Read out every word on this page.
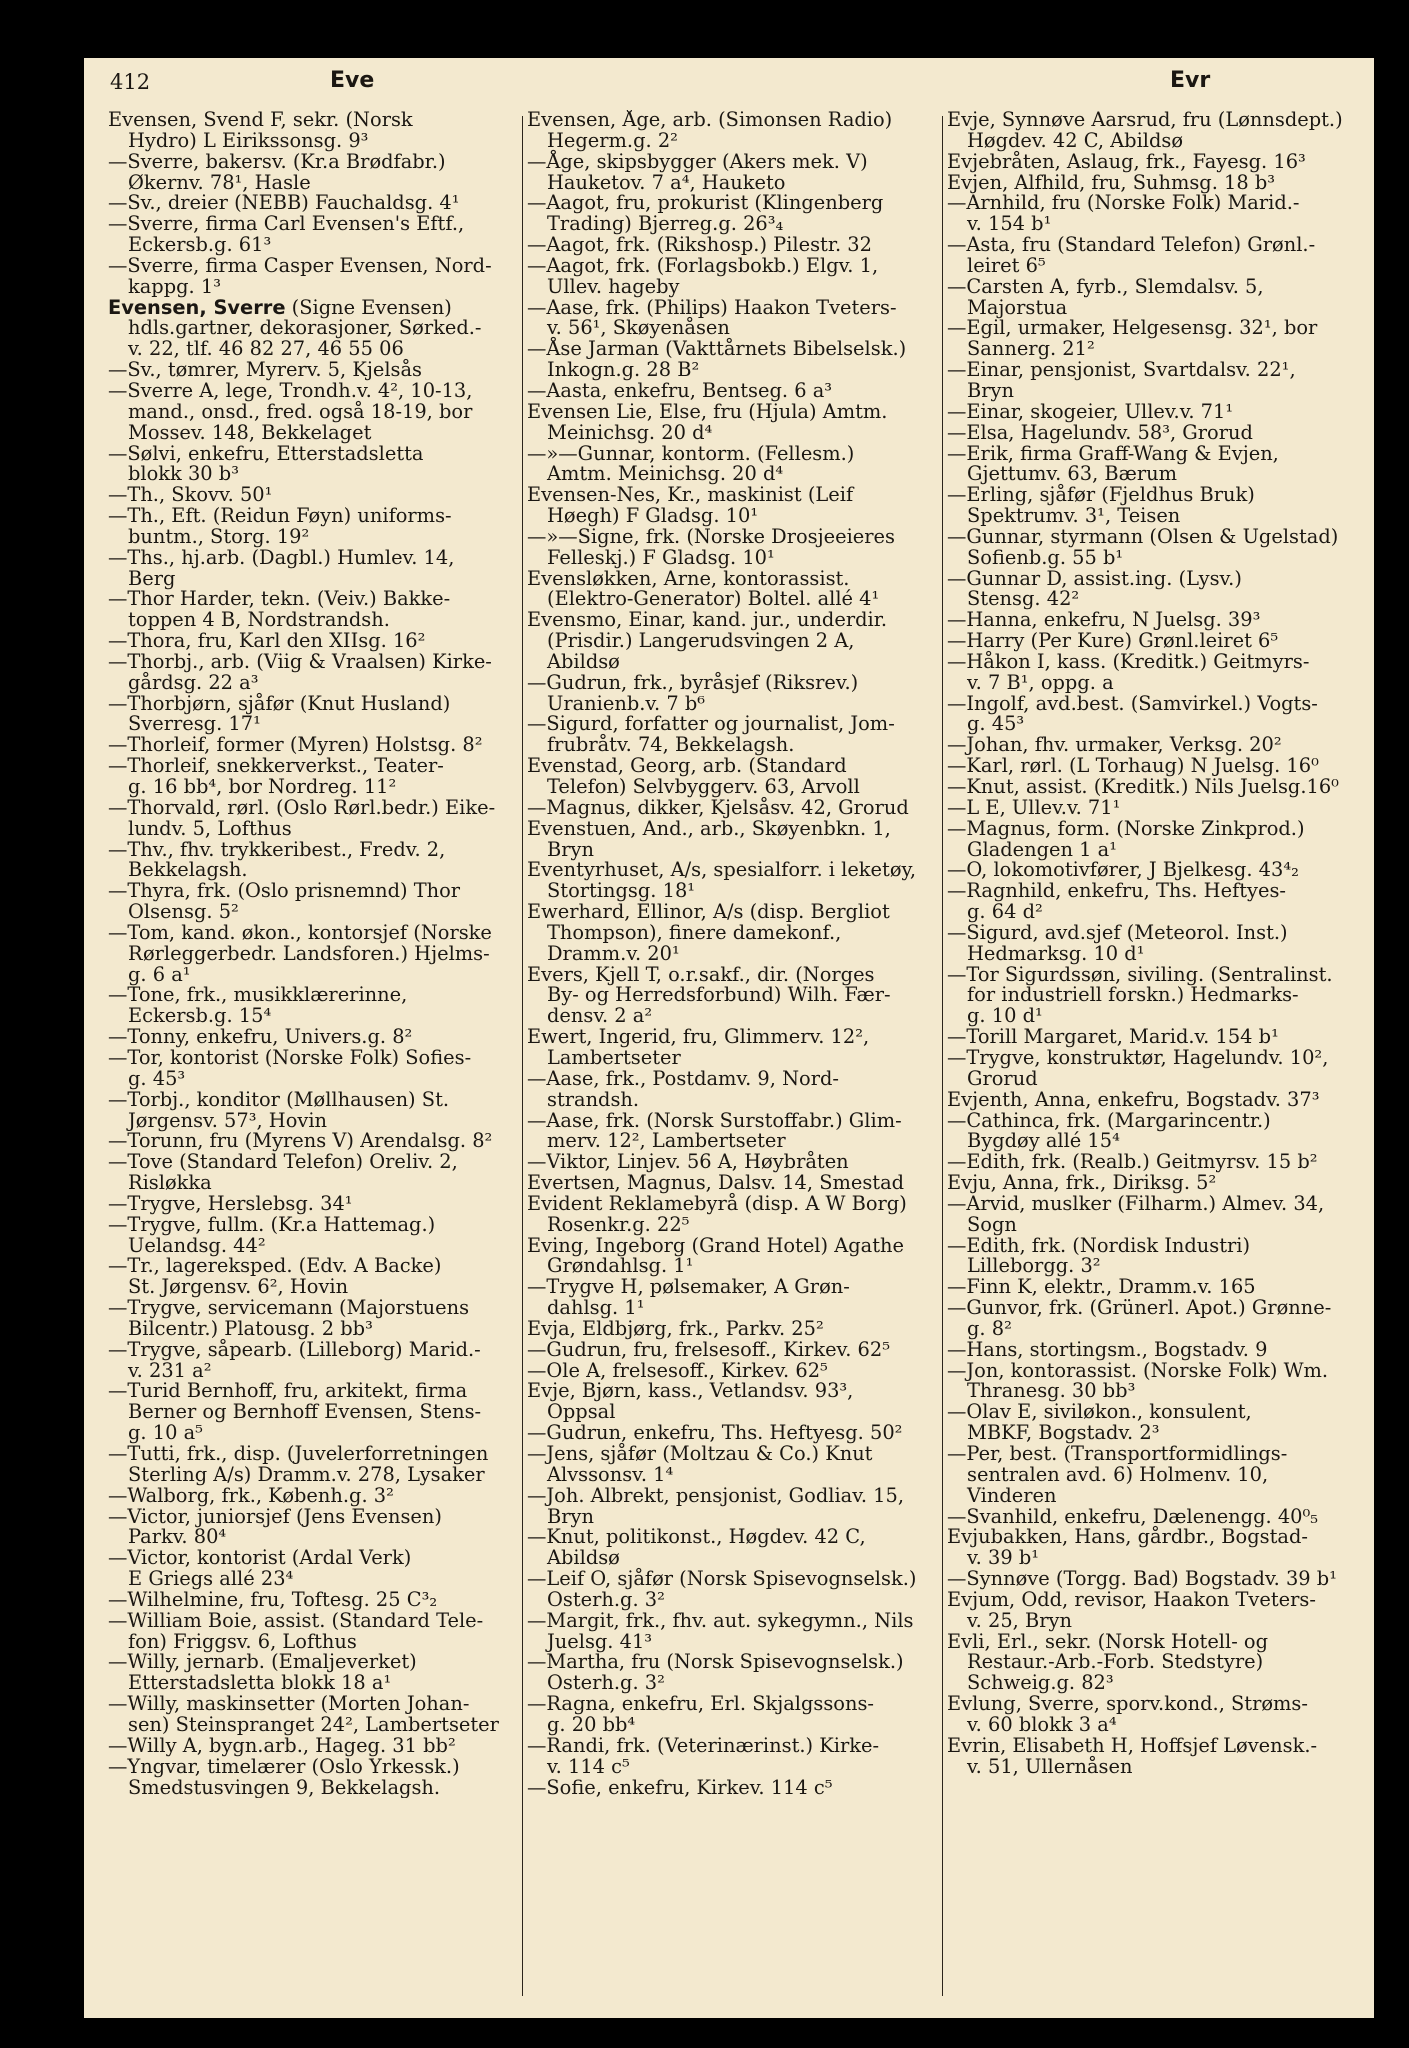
412	Eve	Evr
Evensen, Svend F, sekr. (Norsk
Hydro) L Eirikssonsg. 9³
—Sverre, bakersv. (Kr.a Brødfabr.)
Økernv. 78¹, Hasle
—Sv., dreier (NEBB) Fauchaldsg. 4¹
—Sverre, firma Carl Evensen's Eftf.,
Eckersb.g. 61³
—Sverre, firma Casper Evensen, Nord-
kappg. 1³
Evensen, Sverre (Signe Evensen)
hdls.gartner, dekorasjoner, Sørked.-
v. 22, tlf. 46 82 27, 46 55 06
—Sv., tømrer, Myrerv. 5, Kjelsås
—Sverre A, lege, Trondh.v. 4², 10-13,
mand., onsd., fred. også 18-19, bor
Mossev. 148, Bekkelaget
—Sølvi, enkefru, Etterstadsletta
blokk 30 b³
—Th., Skovv. 50¹
—Th., Eft. (Reidun Føyn) uniforms-
buntm., Storg. 19²
—Ths., hj.arb. (Dagbl.) Humlev. 14,
Berg
—Thor Harder, tekn. (Veiv.) Bakke-
toppen 4 B, Nordstrandsh.
—Thora, fru, Karl den XIIsg. 16²
—Thorbj., arb. (Viig & Vraalsen) Kirke-
gårdsg. 22 a³
—Thorbjørn, sjåfør (Knut Husland)
Sverresg. 17¹
—Thorleif, former (Myren) Holstsg. 8²
—Thorleif, snekkerverkst., Teater-
g. 16 bb⁴, bor Nordreg. 11²
—Thorvald, rørl. (Oslo Rørl.bedr.) Eike-
lundv. 5, Lofthus
—Thv., fhv. trykkeribest., Fredv. 2,
Bekkelagsh.
—Thyra, frk. (Oslo prisnemnd) Thor
Olsensg. 5²
—Tom, kand. økon., kontorsjef (Norske
Rørleggerbedr. Landsforen.) Hjelms-
g. 6 a¹
—Tone, frk., musikklærerinne,
Eckersb.g. 15⁴
—Tonny, enkefru, Univers.g. 8²
—Tor, kontorist (Norske Folk) Sofies-
g. 45³
—Torbj., konditor (Møllhausen) St.
Jørgensv. 57³, Hovin
—Torunn, fru (Myrens V) Arendalsg. 8²
—Tove (Standard Telefon) Oreliv. 2,
Risløkka
—Trygve, Herslebsg. 34¹
—Trygve, fullm. (Kr.a Hattemag.)
Uelandsg. 44²
—Tr., lagereksped. (Edv. A Backe)
St. Jørgensv. 6², Hovin
—Trygve, servicemann (Majorstuens
Bilcentr.) Platousg. 2 bb³
—Trygve, såpearb. (Lilleborg) Marid.-
v. 231 a²
—Turid Bernhoff, fru, arkitekt, firma
Berner og Bernhoff Evensen, Stens-
g. 10 a⁵
—Tutti, frk., disp. (Juvelerforretningen
Sterling A/s) Dramm.v. 278, Lysaker
—Walborg, frk., Københ.g. 3²
—Victor, juniorsjef (Jens Evensen)
Parkv. 80⁴
—Victor, kontorist (Ardal Verk)
E Griegs allé 23⁴
—Wilhelmine, fru, Toftesg. 25 C³₂
—William Boie, assist. (Standard Tele-
fon) Friggsv. 6, Lofthus
—Willy, jernarb. (Emaljeverket)
Etterstadsletta blokk 18 a¹
—Willy, maskinsetter (Morten Johan-
sen) Steinspranget 24², Lambertseter
—Willy A, bygn.arb., Hageg. 31 bb²
—Yngvar, timelærer (Oslo Yrkessk.)
Smedstusvingen 9, Bekkelagsh.
Evensen, Åge, arb. (Simonsen Radio)
Hegerm.g. 2²
—Åge, skipsbygger (Akers mek. V)
Hauketov. 7 a⁴, Hauketo
—Aagot, fru, prokurist (Klingenberg
Trading) Bjerreg.g. 26³₄
—Aagot, frk. (Rikshosp.) Pilestr. 32
—Aagot, frk. (Forlagsbokb.) Elgv. 1,
Ullev. hageby
—Aase, frk. (Philips) Haakon Tveters-
v. 56¹, Skøyenåsen
—Åse Jarman (Vakttårnets Bibelselsk.)
Inkogn.g. 28 B²
—Aasta, enkefru, Bentseg. 6 a³
Evensen Lie, Else, fru (Hjula) Amtm.
Meinichsg. 20 d⁴
—»—Gunnar, kontorm. (Fellesm.)
Amtm. Meinichsg. 20 d⁴
Evensen-Nes, Kr., maskinist (Leif
Høegh) F Gladsg. 10¹
—»—Signe, frk. (Norske Drosjeeieres
Felleskj.) F Gladsg. 10¹
Evensløkken, Arne, kontorassist.
(Elektro-Generator) Boltel. allé 4¹
Evensmo, Einar, kand. jur., underdir.
(Prisdir.) Langerudsvingen 2 A,
Abildsø
—Gudrun, frk., byråsjef (Riksrev.)
Uranienb.v. 7 b⁶
—Sigurd, forfatter og journalist, Jom-
frubråtv. 74, Bekkelagsh.
Evenstad, Georg, arb. (Standard
Telefon) Selvbyggerv. 63, Arvoll
—Magnus, dikker, Kjelsåsv. 42, Grorud
Evenstuen, And., arb., Skøyenbkn. 1,
Bryn
Eventyrhuset, A/s, spesialforr. i leketøy,
Stortingsg. 18¹
Ewerhard, Ellinor, A/s (disp. Bergliot
Thompson), finere damekonf.,
Dramm.v. 20¹
Evers, Kjell T, o.r.sakf., dir. (Norges
By- og Herredsforbund) Wilh. Fær-
densv. 2 a²
Ewert, Ingerid, fru, Glimmerv. 12²,
Lambertseter
—Aase, frk., Postdamv. 9, Nord-
strandsh.
—Aase, frk. (Norsk Surstoffabr.) Glim-
merv. 12², Lambertseter
—Viktor, Linjev. 56 A, Høybråten
Evertsen, Magnus, Dalsv. 14, Smestad
Evident Reklamebyrå (disp. A W Borg)
Rosenkr.g. 22⁵
Eving, Ingeborg (Grand Hotel) Agathe
Grøndahlsg. 1¹
—Trygve H, pølsemaker, A Grøn-
dahlsg. 1¹
Evja, Eldbjørg, frk., Parkv. 25²
—Gudrun, fru, frelsesoff., Kirkev. 62⁵
—Ole A, frelsesoff., Kirkev. 62⁵
Evje, Bjørn, kass., Vetlandsv. 93³,
Oppsal
—Gudrun, enkefru, Ths. Heftyesg. 50²
—Jens, sjåfør (Moltzau & Co.) Knut
Alvssonsv. 1⁴
—Joh. Albrekt, pensjonist, Godliav. 15,
Bryn
—Knut, politikonst., Høgdev. 42 C,
Abildsø
—Leif O, sjåfør (Norsk Spisevognselsk.)
Osterh.g. 3²
—Margit, frk., fhv. aut. sykegymn., Nils
Juelsg. 41³
—Martha, fru (Norsk Spisevognselsk.)
Osterh.g. 3²
—Ragna, enkefru, Erl. Skjalgssons-
g. 20 bb⁴
—Randi, frk. (Veterinærinst.) Kirke-
v. 114 c⁵
—Sofie, enkefru, Kirkev. 114 c⁵
Evje, Synnøve Aarsrud, fru (Lønnsdept.)
Høgdev. 42 C, Abildsø
Evjebråten, Aslaug, frk., Fayesg. 16³
Evjen, Alfhild, fru, Suhmsg. 18 b³
—Arnhild, fru (Norske Folk) Marid.-
v. 154 b¹
—Asta, fru (Standard Telefon) Grønl.-
leiret 6⁵
—Carsten A, fyrb., Slemdalsv. 5,
Majorstua
—Egil, urmaker, Helgesensg. 32¹, bor
Sannerg. 21²
—Einar, pensjonist, Svartdalsv. 22¹,
Bryn
—Einar, skogeier, Ullev.v. 71¹
—Elsa, Hagelundv. 58³, Grorud
—Erik, firma Graff-Wang & Evjen,
Gjettumv. 63, Bærum
—Erling, sjåfør (Fjeldhus Bruk)
Spektrumv. 3¹, Teisen
—Gunnar, styrmann (Olsen & Ugelstad)
Sofienb.g. 55 b¹
—Gunnar D, assist.ing. (Lysv.)
Stensg. 42²
—Hanna, enkefru, N Juelsg. 39³
—Harry (Per Kure) Grønl.leiret 6⁵
—Håkon I, kass. (Kreditk.) Geitmyrs-
v. 7 B¹, oppg. a
—Ingolf, avd.best. (Samvirkel.) Vogts-
g. 45³
—Johan, fhv. urmaker, Verksg. 20²
—Karl, rørl. (L Torhaug) N Juelsg. 16⁰
—Knut, assist. (Kreditk.) Nils Juelsg.16⁰
—L E, Ullev.v. 71¹
—Magnus, form. (Norske Zinkprod.)
Gladengen 1 a¹
—O, lokomotivfører, J Bjelkesg. 43⁴₂
—Ragnhild, enkefru, Ths. Heftyes-
g. 64 d²
—Sigurd, avd.sjef (Meteorol. Inst.)
Hedmarksg. 10 d¹
—Tor Sigurdssøn, siviling. (Sentralinst.
for industriell forskn.) Hedmarks-
g. 10 d¹
—Torill Margaret, Marid.v. 154 b¹
—Trygve, konstruktør, Hagelundv. 10²,
Grorud
Evjenth, Anna, enkefru, Bogstadv. 37³
—Cathinca, frk. (Margarincentr.)
Bygdøy allé 15⁴
—Edith, frk. (Realb.) Geitmyrsv. 15 b²
Evju, Anna, frk., Diriksg. 5²
—Arvid, muslker (Filharm.) Almev. 34,
Sogn
—Edith, frk. (Nordisk Industri)
Lilleborgg. 3²
—Finn K, elektr., Dramm.v. 165
—Gunvor, frk. (Grünerl. Apot.) Grønne-
g. 8²
—Hans, stortingsm., Bogstadv. 9
—Jon, kontorassist. (Norske Folk) Wm.
Thranesg. 30 bb³
—Olav E, siviløkon., konsulent,
MBKF, Bogstadv. 2³
—Per, best. (Transportformidlings-
sentralen avd. 6) Holmenv. 10,
Vinderen
—Svanhild, enkefru, Dælenengg. 40⁰₅
Evjubakken, Hans, gårdbr., Bogstad-
v. 39 b¹
—Synnøve (Torgg. Bad) Bogstadv. 39 b¹
Evjum, Odd, revisor, Haakon Tveters-
v. 25, Bryn
Evli, Erl., sekr. (Norsk Hotell- og
Restaur.-Arb.-Forb. Stedstyre)
Schweig.g. 82³
Evlung, Sverre, sporv.kond., Strøms-
v. 60 blokk 3 a⁴
Evrin, Elisabeth H, Hoffsjef Løvensk.-
v. 51, Ullernåsen
